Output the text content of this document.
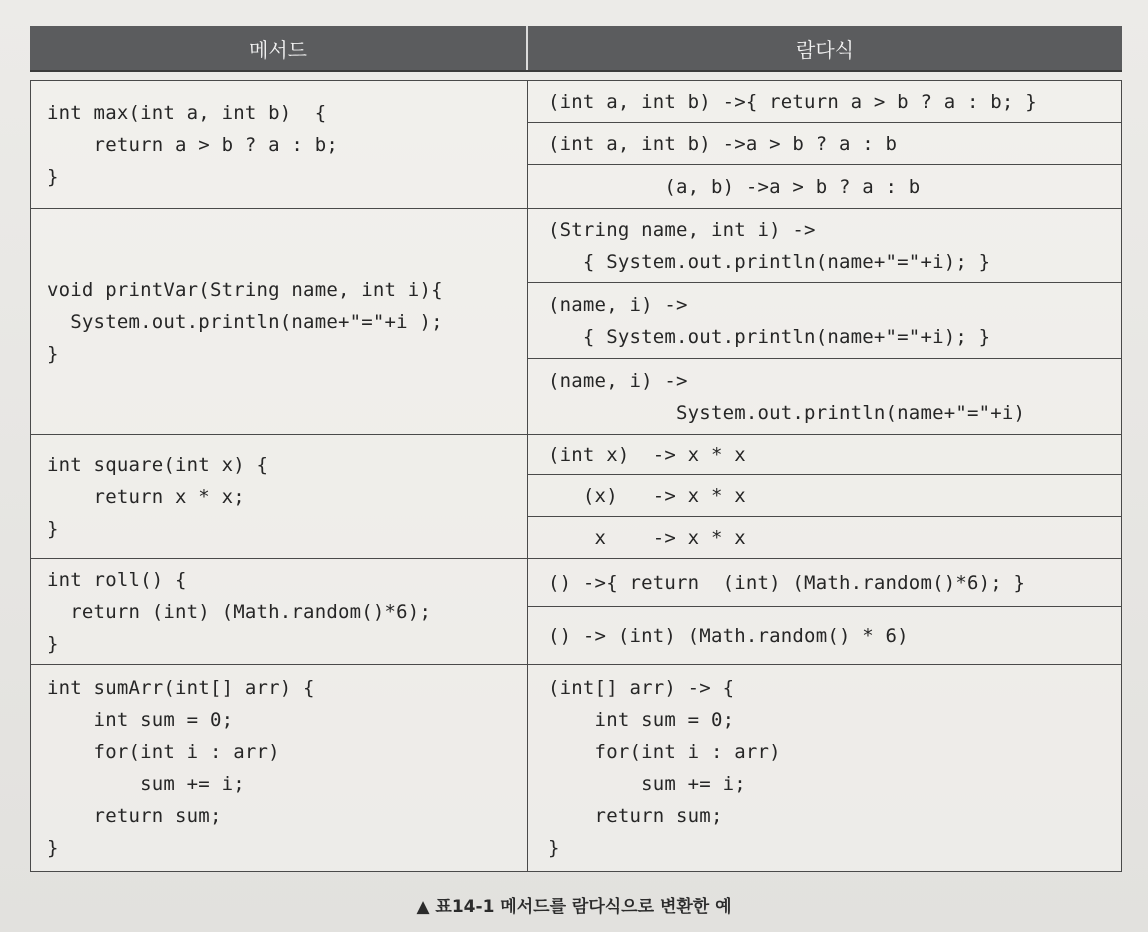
메서드	람다식
int max(int a, int b)  {
return a > b ? a : b;
}
(int a, int b) ->{ return a > b ? a : b; }
(int a, int b) ->a > b ? a : b
(a, b) ->a > b ? a : b
void printVar(String name, int i){
System.out.println(name+"="+i );
}
(String name, int i) ->
{ System.out.println(name+"="+i); }
(name, i) ->
{ System.out.println(name+"="+i); }
(name, i) ->
System.out.println(name+"="+i)
int square(int x) {
return x * x;
}
(int x)  -> x * x
(x)   -> x * x
x    -> x * x
int roll() {
return (int) (Math.random()*6);
}
() ->{ return  (int) (Math.random()*6); }
() -> (int) (Math.random() * 6)
int sumArr(int[] arr) {
int sum = 0;
for(int i : arr)
sum += i;
return sum;
}
(int[] arr) -> {
int sum = 0;
for(int i : arr)
sum += i;
return sum;
}
▲ 표14-1 메서드를 람다식으로 변환한 예
